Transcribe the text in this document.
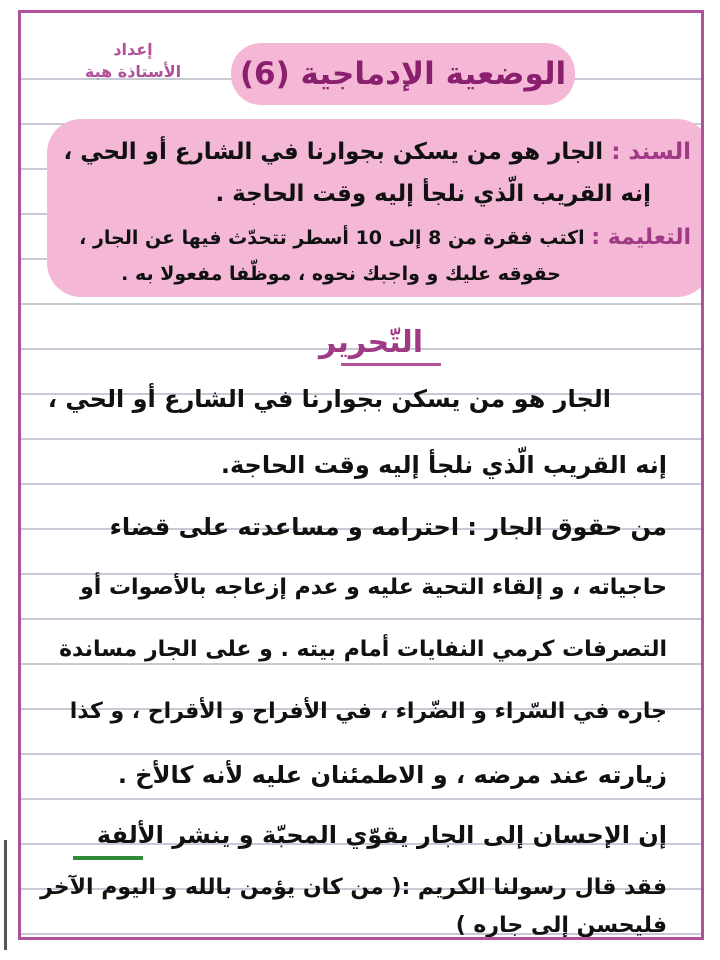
إعداد
الأستاذة هبة	الوضعية الإدماجية (6)
السند : الجار هو من يسكن بجوارنا في الشارع أو الحي ،
إنه القريب الّذي نلجأ إليه وقت الحاجة .
التعليمة : اكتب فقرة من 8 إلى 10 أسطر تتحدّث فيها عن الجار ،
حقوقه عليك و واجبك نحوه ، موظّفا مفعولا به .
التّحرير
الجار هو من يسكن بجوارنا في الشارع أو الحي ،
إنه القريب الّذي نلجأ إليه وقت الحاجة.
من حقوق الجار : احترامه و مساعدته على قضاء
حاجياته ، و إلقاء التحية عليه و عدم إزعاجه بالأصوات أو
التصرفات كرمي النفايات أمام بيته . و على الجار مساندة
جاره في السّراء و الضّراء ، في الأفراح و الأقراح ، و كذا
زيارته عند مرضه ، و الاطمئنان عليه لأنه كالأخ .
إن الإحسان إلى الجار يقوّي المحبّة و ينشر الألفة
فقد قال رسولنا الكريم :( من كان يؤمن بالله و اليوم الآخر
فليحسن إلى جاره )
